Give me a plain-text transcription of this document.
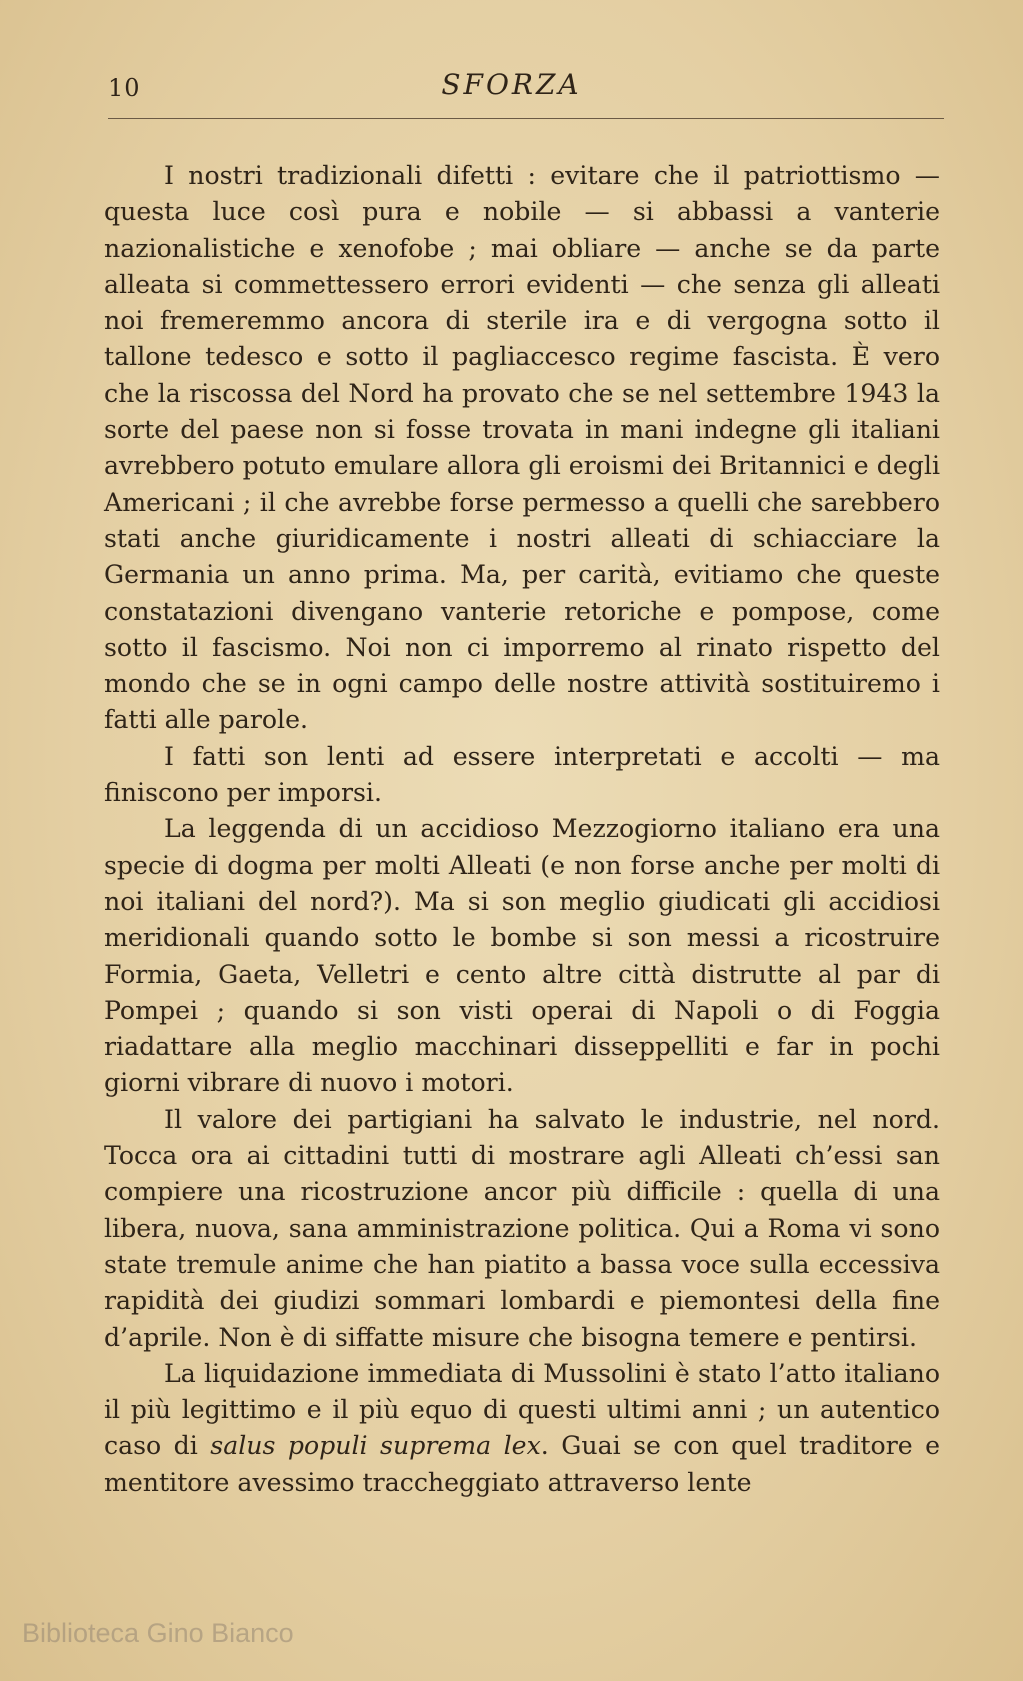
10	SFORZA

I nostri tradizionali difetti : evitare che il patriottismo — questa luce così pura e nobile — si abbassi a vanterie nazionalistiche e xenofobe ; mai obliare — anche se da parte alleata si commettessero errori evidenti — che senza gli alleati noi fremeremmo ancora di sterile ira e di vergogna sotto il tallone tedesco e sotto il pagliaccesco regime fascista. È vero che la riscossa del Nord ha provato che se nel settembre 1943 la sorte del paese non si fosse trovata in mani indegne gli italiani avrebbero potuto emulare allora gli eroismi dei Britannici e degli Americani ; il che avrebbe forse permesso a quelli che sarebbero stati anche giuridicamente i nostri alleati di schiacciare la Germania un anno prima. Ma, per carità, evitiamo che queste constatazioni divengano vanterie retoriche e pompose, come sotto il fascismo. Noi non ci imporremo al rinato rispetto del mondo che se in ogni campo delle nostre attività sostituiremo i fatti alle parole.

I fatti son lenti ad essere interpretati e accolti — ma finiscono per imporsi.

La leggenda di un accidioso Mezzogiorno italiano era una specie di dogma per molti Alleati (e non forse anche per molti di noi italiani del nord?). Ma si son meglio giudicati gli accidiosi meridionali quando sotto le bombe si son messi a ricostruire Formia, Gaeta, Velletri e cento altre città distrutte al par di Pompei ; quando si son visti operai di Napoli o di Foggia riadattare alla meglio macchinari disseppelliti e far in pochi giorni vibrare di nuovo i motori.

Il valore dei partigiani ha salvato le industrie, nel nord. Tocca ora ai cittadini tutti di mostrare agli Alleati ch’essi san compiere una ricostruzione ancor più difficile : quella di una libera, nuova, sana amministrazione politica. Qui a Roma vi sono state tremule anime che han piatito a bassa voce sulla eccessiva rapidità dei giudizi sommari lombardi e piemontesi della fine d’aprile. Non è di siffatte misure che bisogna temere e pentirsi.

La liquidazione immediata di Mussolini è stato l’atto italiano il più legittimo e il più equo di questi ultimi anni ; un autentico caso di salus populi suprema lex. Guai se con quel traditore e mentitore avessimo traccheggiato attraverso lente

Biblioteca Gino Bianco
